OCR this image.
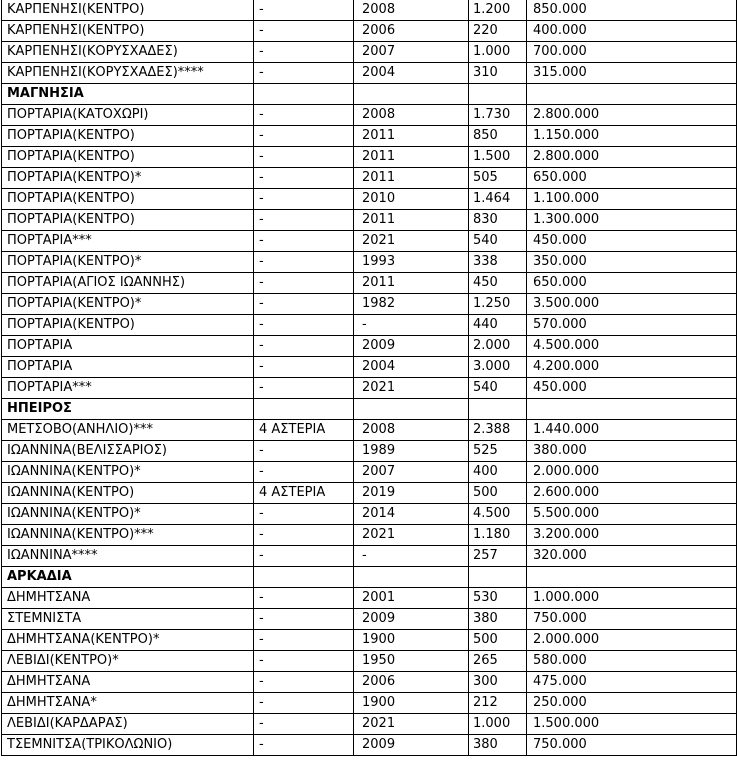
ΚΑΡΠΕΝΗΣΙ(ΚΕΝΤΡΟ)	-	2008	1.200	850.000
ΚΑΡΠΕΝΗΣΙ(ΚΕΝΤΡΟ)	-	2006	220	400.000
ΚΑΡΠΕΝΗΣΙ(ΚΟΡΥΣΧΑΔΕΣ)	-	2007	1.000	700.000
ΚΑΡΠΕΝΗΣΙ(ΚΟΡΥΣΧΑΔΕΣ)****	-	2004	310	315.000
ΜΑΓΝΗΣΙΑ				
ΠΟΡΤΑΡΙΑ(ΚΑΤΟΧΩΡΙ)	-	2008	1.730	2.800.000
ΠΟΡΤΑΡΙΑ(ΚΕΝΤΡΟ)	-	2011	850	1.150.000
ΠΟΡΤΑΡΙΑ(ΚΕΝΤΡΟ)	-	2011	1.500	2.800.000
ΠΟΡΤΑΡΙΑ(ΚΕΝΤΡΟ)*	-	2011	505	650.000
ΠΟΡΤΑΡΙΑ(ΚΕΝΤΡΟ)	-	2010	1.464	1.100.000
ΠΟΡΤΑΡΙΑ(ΚΕΝΤΡΟ)	-	2011	830	1.300.000
ΠΟΡΤΑΡΙΑ***	-	2021	540	450.000
ΠΟΡΤΑΡΙΑ(ΚΕΝΤΡΟ)*	-	1993	338	350.000
ΠΟΡΤΑΡΙΑ(ΑΓΙΟΣ ΙΩΑΝΝΗΣ)	-	2011	450	650.000
ΠΟΡΤΑΡΙΑ(ΚΕΝΤΡΟ)*	-	1982	1.250	3.500.000
ΠΟΡΤΑΡΙΑ(ΚΕΝΤΡΟ)	-	-	440	570.000
ΠΟΡΤΑΡΙΑ	-	2009	2.000	4.500.000
ΠΟΡΤΑΡΙΑ	-	2004	3.000	4.200.000
ΠΟΡΤΑΡΙΑ***	-	2021	540	450.000
ΗΠΕΙΡΟΣ				
ΜΕΤΣΟΒΟ(ΑΝΗΛΙΟ)***	4 ΑΣΤΕΡΙΑ	2008	2.388	1.440.000
ΙΩΑΝΝΙΝΑ(ΒΕΛΙΣΣΑΡΙΟΣ)	-	1989	525	380.000
ΙΩΑΝΝΙΝΑ(ΚΕΝΤΡΟ)*	-	2007	400	2.000.000
ΙΩΑΝΝΙΝΑ(ΚΕΝΤΡΟ)	4 ΑΣΤΕΡΙΑ	2019	500	2.600.000
ΙΩΑΝΝΙΝΑ(ΚΕΝΤΡΟ)*	-	2014	4.500	5.500.000
ΙΩΑΝΝΙΝΑ(ΚΕΝΤΡΟ)***	-	2021	1.180	3.200.000
ΙΩΑΝΝΙΝΑ****	-	-	257	320.000
ΑΡΚΑΔΙΑ				
ΔΗΜΗΤΣΑΝΑ	-	2001	530	1.000.000
ΣΤΕΜΝΙΣΤΑ	-	2009	380	750.000
ΔΗΜΗΤΣΑΝΑ(ΚΕΝΤΡΟ)*	-	1900	500	2.000.000
ΛΕΒΙΔΙ(ΚΕΝΤΡΟ)*	-	1950	265	580.000
ΔΗΜΗΤΣΑΝΑ	-	2006	300	475.000
ΔΗΜΗΤΣΑΝΑ*	-	1900	212	250.000
ΛΕΒΙΔΙ(ΚΑΡΔΑΡΑΣ)	-	2021	1.000	1.500.000
ΤΣΕΜΝΙΤΣΑ(ΤΡΙΚΟΛΩΝΙΟ)	-	2009	380	750.000
